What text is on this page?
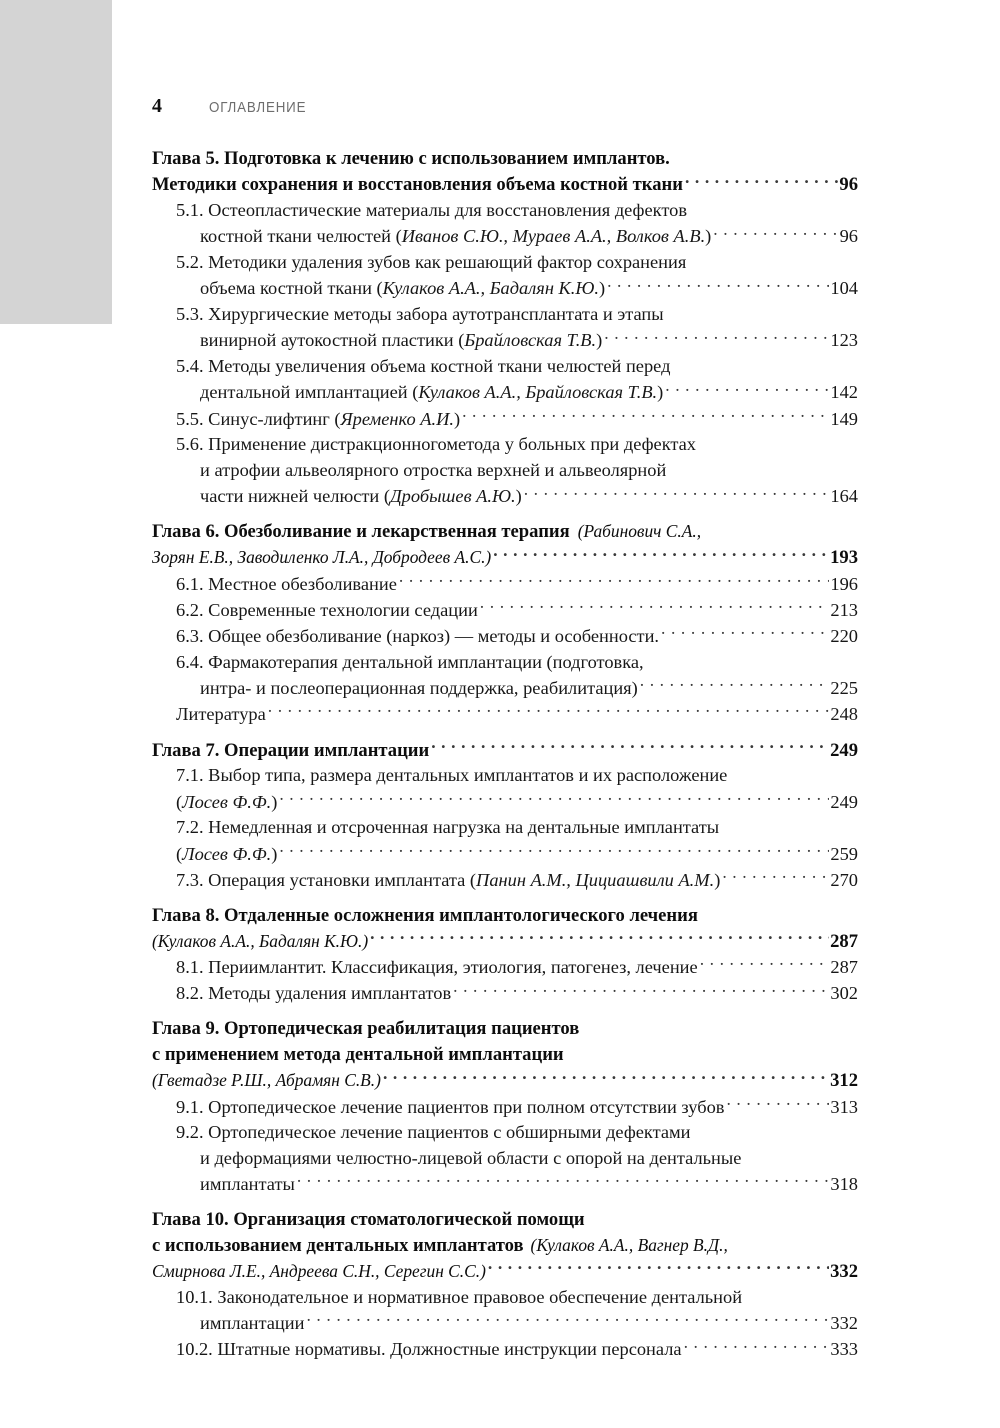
4	ОГЛАВЛЕНИЕ
Глава 5. Подготовка к лечению с использованием имплантов.
Методики сохранения и восстановления объема костной ткани . . .	96
5.1. Остеопластические материалы для восстановления дефектов
костной ткани челюстей ( Иванов С.Ю., Мураев А.А., Волков А.В. ) . . .	96
5.2. Методики удаления зубов как решающий фактор сохранения
объема костной ткани ( Кулаков А.А., Бадалян К.Ю. ) . . .	104
5.3. Хирургические методы забора аутотрансплантата и этапы
винирной аутокостной пластики ( Брайловская Т.В. ) . . .	123
5.4. Методы увеличения объема костной ткани челюстей перед
дентальной имплантацией ( Кулаков А.А., Брайловская Т.В. ) . . .	142
5.5. Синус-лифтинг ( Яременко А.И. ) . . .	149
5.6. Применение дистракционногометода у больных при дефектах
и атрофии альвеолярного отростка верхней и альвеолярной
части нижней челюсти ( Дробышев А.Ю. ) . . .	164
Глава 6. Обезболивание и лекарственная терапия (Рабинович С.А.,
Зорян Е.В., Заводиленко Л.А., Добродеев А.С.) . . .	193
6.1. Местное обезболивание . . .	196
6.2. Современные технологии седации . . .	213
6.3. Общее обезболивание (наркоз) — методы и особенности. . . .	220
6.4. Фармакотерапия дентальной имплантации (подготовка,
интра- и послеоперационная поддержка, реабилитация) . . .	225
Литература . . .	248
Глава 7. Операции имплантации . . .	249
7.1. Выбор типа, размера дентальных имплантатов и их расположение
( Лосев Ф.Ф. ) . . .	249
7.2. Немедленная и отсроченная нагрузка на дентальные имплантаты
( Лосев Ф.Ф. ) . . .	259
7.3. Операция установки имплантата ( Панин А.М., Цициашвили А.М. ) . . .	270
Глава 8. Отдаленные осложнения имплантологического лечения
(Кулаков А.А., Бадалян К.Ю.) . . .	287
8.1. Периимлантит. Классификация, этиология, патогенез, лечение . . .	287
8.2. Методы удаления имплантатов . . .	302
Глава 9. Ортопедическая реабилитация пациентов
с применением метода дентальной имплантации
(Гветадзе Р.Ш., Абрамян С.В.) . . .	312
9.1. Ортопедическое лечение пациентов при полном отсутствии зубов . . .	313
9.2. Ортопедическое лечение пациентов с обширными дефектами
и деформациями челюстно-лицевой области с опорой на дентальные
имплантаты . . .	318
Глава 10. Организация стоматологической помощи
с использованием дентальных имплантатов (Кулаков А.А., Вагнер В.Д.,
Смирнова Л.Е., Андреева С.Н., Серегин С.С.) . . .	332
10.1. Законодательное и нормативное правовое обеспечение дентальной
имплантации . . .	332
10.2. Штатные нормативы. Должностные инструкции персонала . . .	333
